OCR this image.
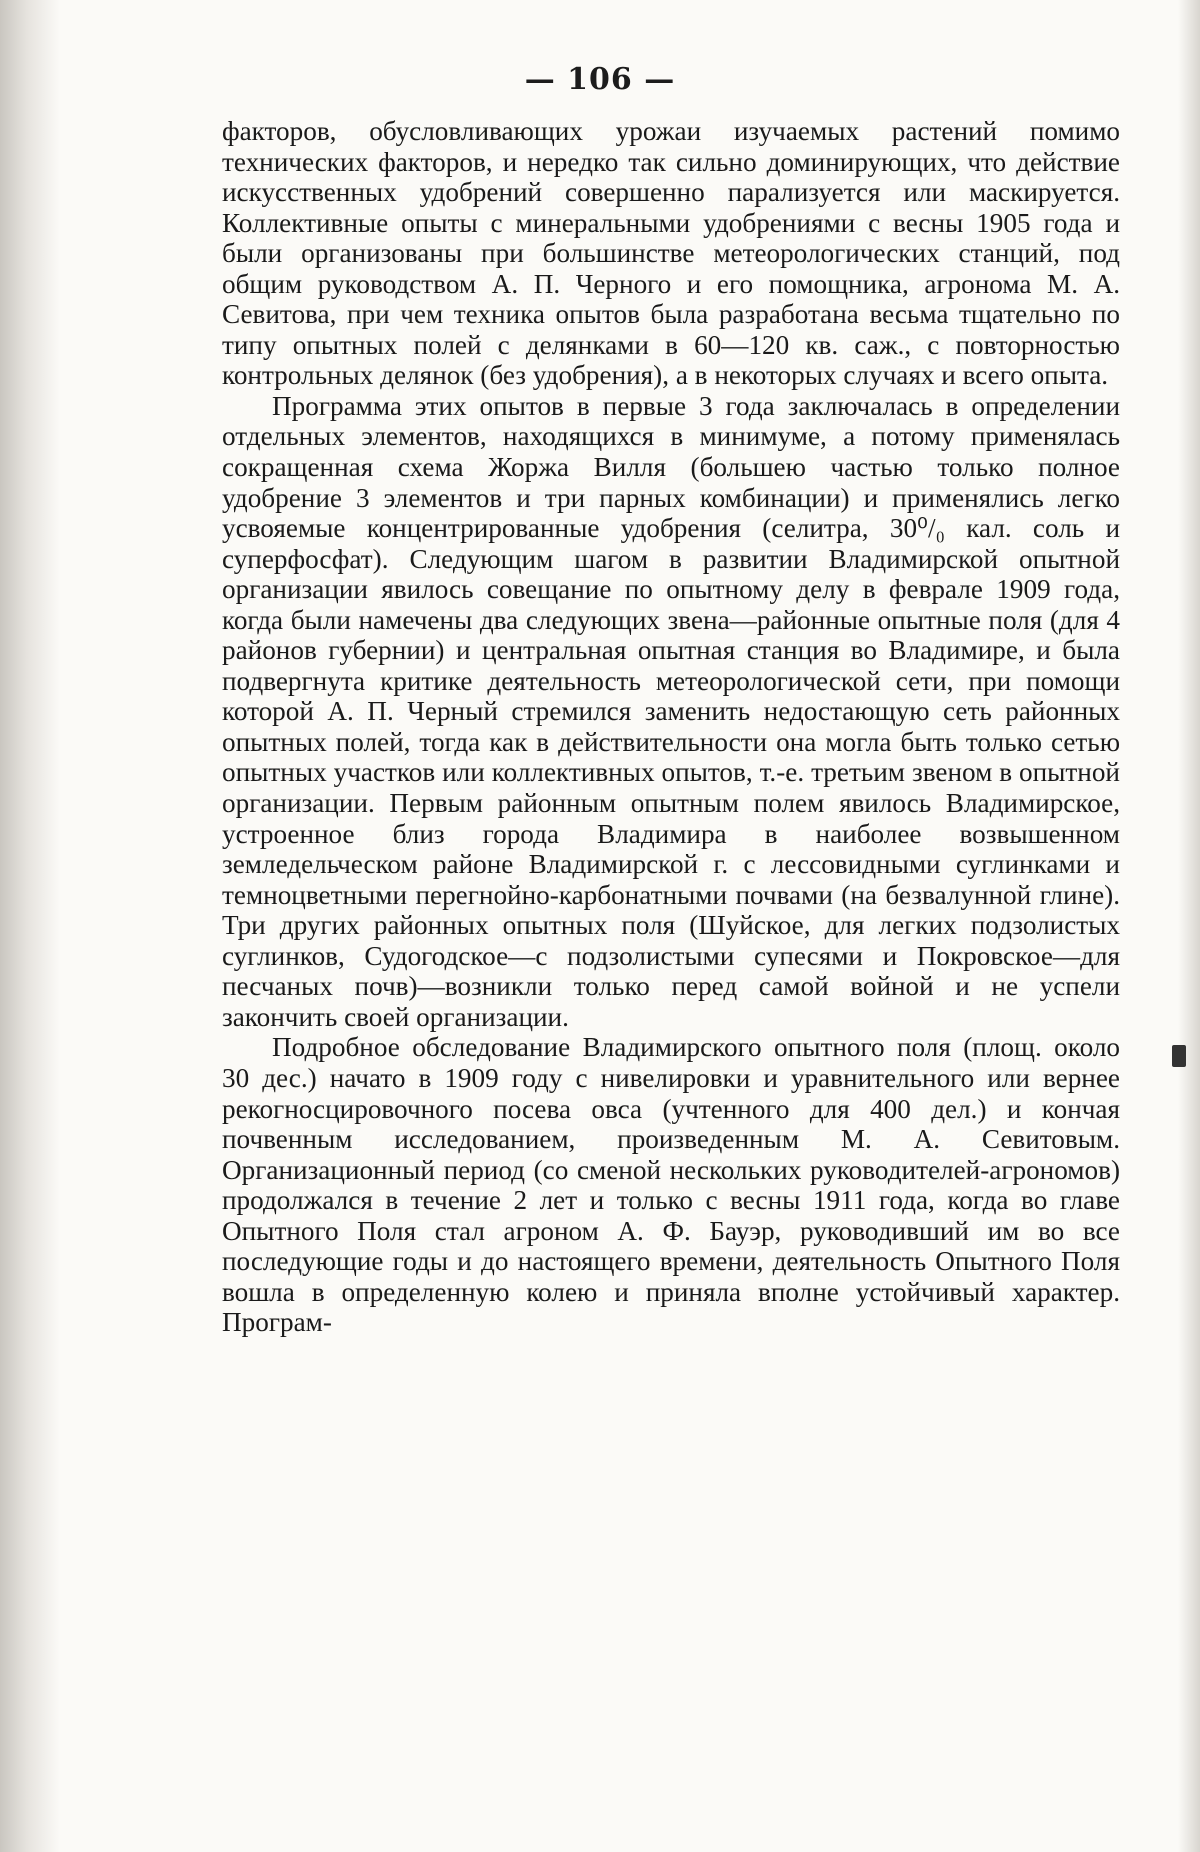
— 106 —

факторов, обусловливающих урожаи изучаемых растений помимо технических факторов, и нередко так сильно доминирующих, что действие искусственных удобрений совершенно парализуется или маскируется. Коллективные опыты с минеральными удобрениями с весны 1905 года и были организованы при большинстве метеорологических станций, под общим руководством А. П. Черного и его помощника, агронома М. А. Севитова, при чем техника опытов была разработана весьма тщательно по типу опытных полей с делянками в 60—120 кв. саж., с повторностью контрольных делянок (без удобрения), а в некоторых случаях и всего опыта.

Программа этих опытов в первые 3 года заключалась в определении отдельных элементов, находящихся в минимуме, а потому применялась сокращенная схема Жоржа Вилля (большею частью только полное удобрение 3 элементов и три парных комбинации) и применялись легко усвояемые концентрированные удобрения (селитра, 30⁰/₀ кал. соль и суперфосфат). Следующим шагом в развитии Владимирской опытной организации явилось совещание по опытному делу в феврале 1909 года, когда были намечены два следующих звена—районные опытные поля (для 4 районов губернии) и центральная опытная станция во Владимире, и была подвергнута критике деятельность метеорологической сети, при помощи которой А. П. Черный стремился заменить недостающую сеть районных опытных полей, тогда как в действительности она могла быть только сетью опытных участков или коллективных опытов, т.-е. третьим звеном в опытной организации. Первым районным опытным полем явилось Владимирское, устроенное близ города Владимира в наиболее возвышенном земледельческом районе Владимирской г. с лессовидными суглинками и темноцветными перегнойно-карбонатными почвами (на безвалунной глине). Три других районных опытных поля (Шуйское, для легких подзолистых суглинков, Судогодское—с подзолистыми супесями и Покровское—для песчаных почв)—возникли только перед самой войной и не успели закончить своей организации.

Подробное обследование Владимирского опытного поля (площ. около 30 дес.) начато в 1909 году с нивелировки и уравнительного или вернее рекогносцировочного посева овса (учтенного для 400 дел.) и кончая почвенным исследованием, произведенным М. А. Севитовым. Организационный период (со сменой нескольких руководителей-агрономов) продолжался в течение 2 лет и только с весны 1911 года, когда во главе Опытного Поля стал агроном А. Ф. Бауэр, руководивший им во все последующие годы и до настоящего времени, деятельность Опытного Поля вошла в определенную колею и приняла вполне устойчивый характер. Програм-
